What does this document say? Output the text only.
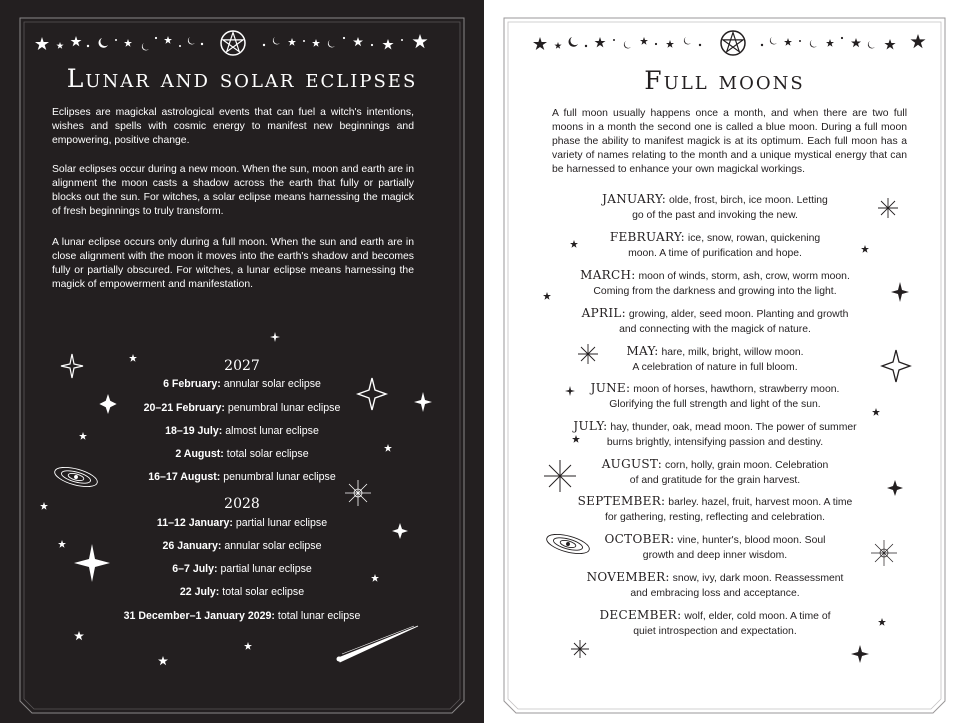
Lunar and solar eclipses

Eclipses are magickal astrological events that can fuel a witch's intentions, wishes and spells with cosmic energy to manifest new beginnings and empowering, positive change.

Solar eclipses occur during a new moon. When the sun, moon and earth are in alignment the moon casts a shadow across the earth that fully or partially blocks out the sun. For witches, a solar eclipse means harnessing the magick of fresh beginnings to truly transform.

A lunar eclipse occurs only during a full moon. When the sun and earth are in close alignment with the moon it moves into the earth's shadow and becomes fully or partially obscured. For witches, a lunar eclipse means harnessing the magick of empowerment and manifestation.

2027
6 February: annular solar eclipse
20–21 February: penumbral lunar eclipse
18–19 July: almost lunar eclipse
2 August: total solar eclipse
16–17 August: penumbral lunar eclipse
2028
11–12 January: partial lunar eclipse
26 January: annular solar eclipse
6–7 July: partial lunar eclipse
22 July: total solar eclipse
31 December–1 January 2029: total lunar eclipse
Full moons

A full moon usually happens once a month, and when there are two full moons in a month the second one is called a blue moon. During a full moon phase the ability to manifest magick is at its optimum. Each full moon has a variety of names relating to the month and a unique mystical energy that can be harnessed to enhance your own magickal workings.

JANUARY: olde, frost, birch, ice moon. Letting
go of the past and invoking the new.
FEBRUARY: ice, snow, rowan, quickening
moon. A time of purification and hope.
MARCH: moon of winds, storm, ash, crow, worm moon.
Coming from the darkness and growing into the light.
APRIL: growing, alder, seed moon. Planting and growth
and connecting with the magick of nature.
MAY: hare, milk, bright, willow moon.
A celebration of nature in full bloom.
JUNE: moon of horses, hawthorn, strawberry moon.
Glorifying the full strength and light of the sun.
JULY: hay, thunder, oak, mead moon. The power of summer
burns brightly, intensifying passion and destiny.
AUGUST: corn, holly, grain moon. Celebration
of and gratitude for the grain harvest.
SEPTEMBER: barley. hazel, fruit, harvest moon. A time
for gathering, resting, reflecting and celebration.
OCTOBER: vine, hunter's, blood moon. Soul
growth and deep inner wisdom.
NOVEMBER: snow, ivy, dark moon. Reassessment
and embracing loss and acceptance.
DECEMBER: wolf, elder, cold moon. A time of
quiet introspection and expectation.
